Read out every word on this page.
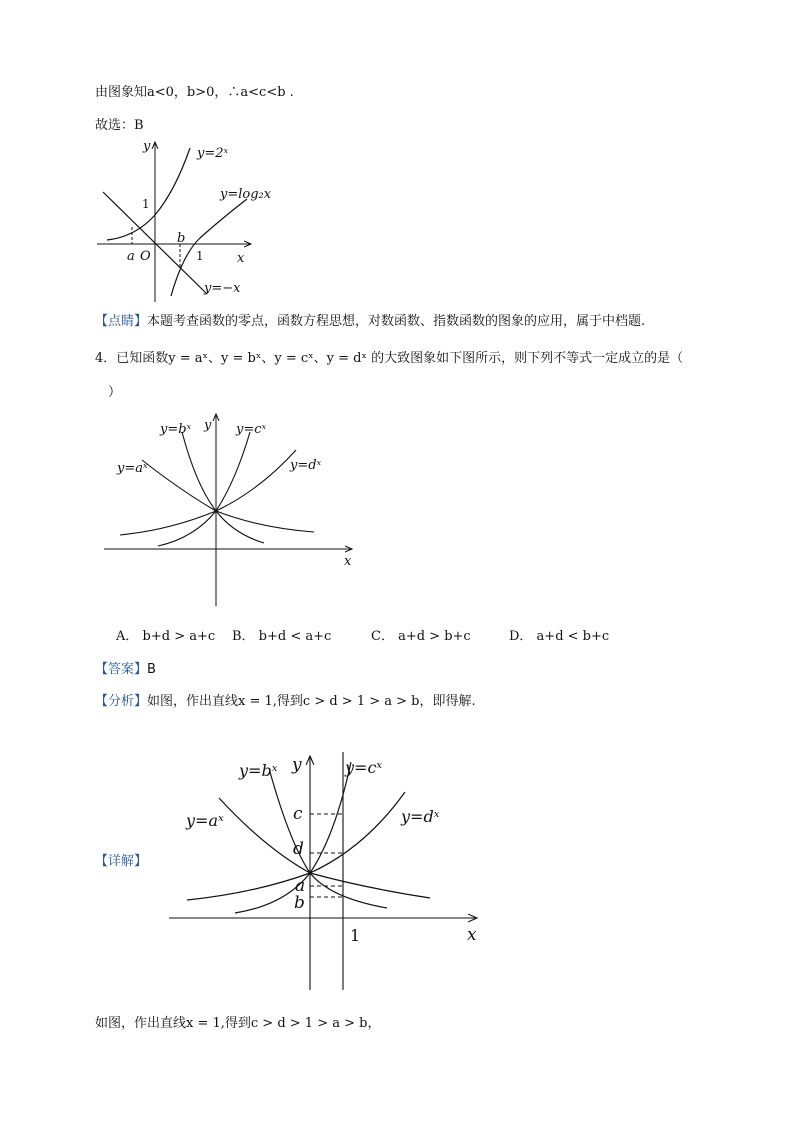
由图象知a<0，b>0，∴a<c<b .
故选：B
y
x
y=2ˣ
y=log₂x
y=−x
1
1
a
b
O
【点睛】本题考查函数的零点，函数方程思想，对数函数、指数函数的图象的应用，属于中档题.
4．已知函数y = aˣ、y = bˣ、y = cˣ、y = dˣ 的大致图象如下图所示，则下列不等式一定成立的是（
）
y
x
y=aˣ
y=bˣ	y=cˣ
y=dˣ
A． b+d > a+c B． b+d < a+c	C． a+d > b+c	D． a+d < b+c
【答案】B
【分析】如图，作出直线x = 1,得到c > d > 1 > a > b，即得解.
【详解】
y
x
y=aˣ
y=bˣ	y=cˣ
y=dˣ
c
d
a
b
1
如图，作出直线x = 1,得到c > d > 1 > a > b，
